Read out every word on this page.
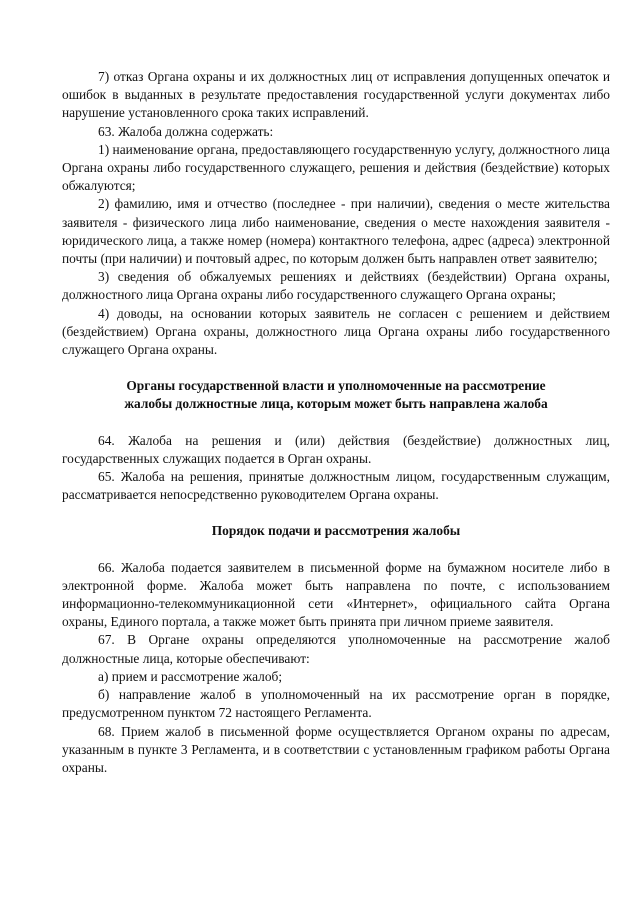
7) отказ Органа охраны и их должностных лиц от исправления допущенных опечаток и ошибок в выданных в результате предоставления государственной услуги документах либо нарушение установленного срока таких исправлений.

63. Жалоба должна содержать:

1) наименование органа, предоставляющего государственную услугу, должностного лица Органа охраны либо государственного служащего, решения и действия (бездействие) которых обжалуются;

2) фамилию, имя и отчество (последнее - при наличии), сведения о месте жительства заявителя - физического лица либо наименование, сведения о месте нахождения заявителя - юридического лица, а также номер (номера) контактного телефона, адрес (адреса) электронной почты (при наличии) и почтовый адрес, по которым должен быть направлен ответ заявителю;

3) сведения об обжалуемых решениях и действиях (бездействии) Органа охраны, должностного лица Органа охраны либо государственного служащего Органа охраны;

4) доводы, на основании которых заявитель не согласен с решением и действием (бездействием) Органа охраны, должностного лица Органа охраны либо государственного служащего Органа охраны.

Органы государственной власти и уполномоченные на рассмотрение
жалобы должностные лица, которым может быть направлена жалоба

64. Жалоба на решения и (или) действия (бездействие) должностных лиц, государственных служащих подается в Орган охраны.

65. Жалоба на решения, принятые должностным лицом, государственным служащим, рассматривается непосредственно руководителем Органа охраны.

Порядок подачи и рассмотрения жалобы

66. Жалоба подается заявителем в письменной форме на бумажном носителе либо в электронной форме. Жалоба может быть направлена по почте, с использованием информационно-телекоммуникационной сети «Интернет», официального сайта Органа охраны, Единого портала, а также может быть принята при личном приеме заявителя.

67. В Органе охраны определяются уполномоченные на рассмотрение жалоб должностные лица, которые обеспечивают:

а) прием и рассмотрение жалоб;

б) направление жалоб в уполномоченный на их рассмотрение орган в порядке, предусмотренном пунктом 72 настоящего Регламента.

68. Прием жалоб в письменной форме осуществляется Органом охраны по адресам, указанным в пункте 3 Регламента, и в соответствии с установленным графиком работы Органа охраны.
